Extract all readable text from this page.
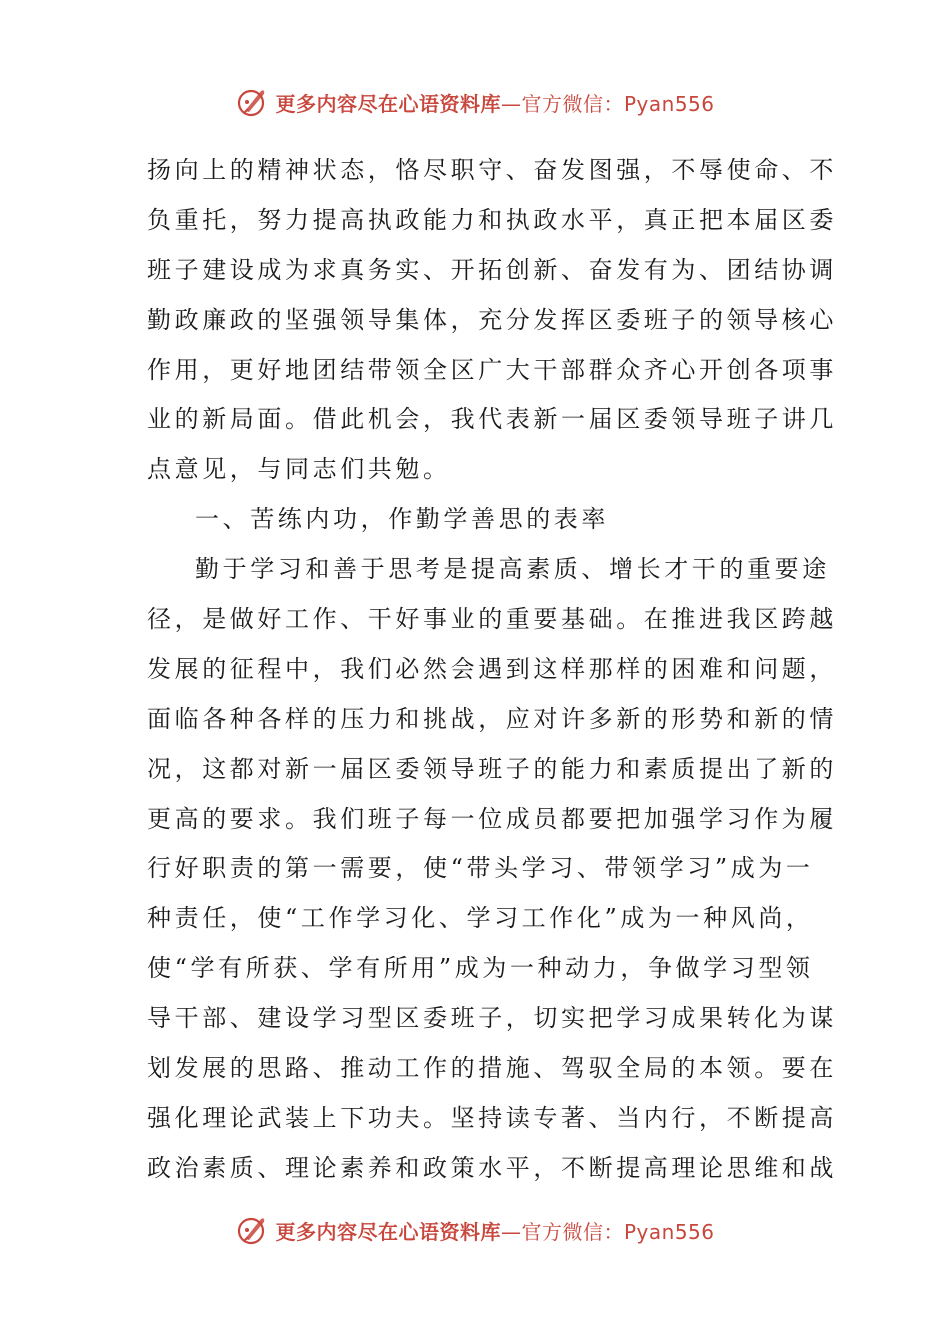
更多内容尽在心语资料库—官方微信：Pyan556
扬向上的精神状态，恪尽职守、奋发图强，不辱使命、不
负重托，努力提高执政能力和执政水平，真正把本届区委
班子建设成为求真务实、开拓创新、奋发有为、团结协调
勤政廉政的坚强领导集体，充分发挥区委班子的领导核心
作用，更好地团结带领全区广大干部群众齐心开创各项事
业的新局面。借此机会，我代表新一届区委领导班子讲几
点意见，与同志们共勉。
一、苦练内功，作勤学善思的表率
勤于学习和善于思考是提高素质、增长才干的重要途
径，是做好工作、干好事业的重要基础。在推进我区跨越
发展的征程中，我们必然会遇到这样那样的困难和问题，
面临各种各样的压力和挑战，应对许多新的形势和新的情
况，这都对新一届区委领导班子的能力和素质提出了新的
更高的要求。我们班子每一位成员都要把加强学习作为履
行好职责的第一需要，使“带头学习、带领学习”成为一
种责任，使“工作学习化、学习工作化”成为一种风尚，
使“学有所获、学有所用”成为一种动力，争做学习型领
导干部、建设学习型区委班子，切实把学习成果转化为谋
划发展的思路、推动工作的措施、驾驭全局的本领。要在
强化理论武装上下功夫。坚持读专著、当内行，不断提高
政治素质、理论素养和政策水平，不断提高理论思维和战
更多内容尽在心语资料库—官方微信：Pyan556
